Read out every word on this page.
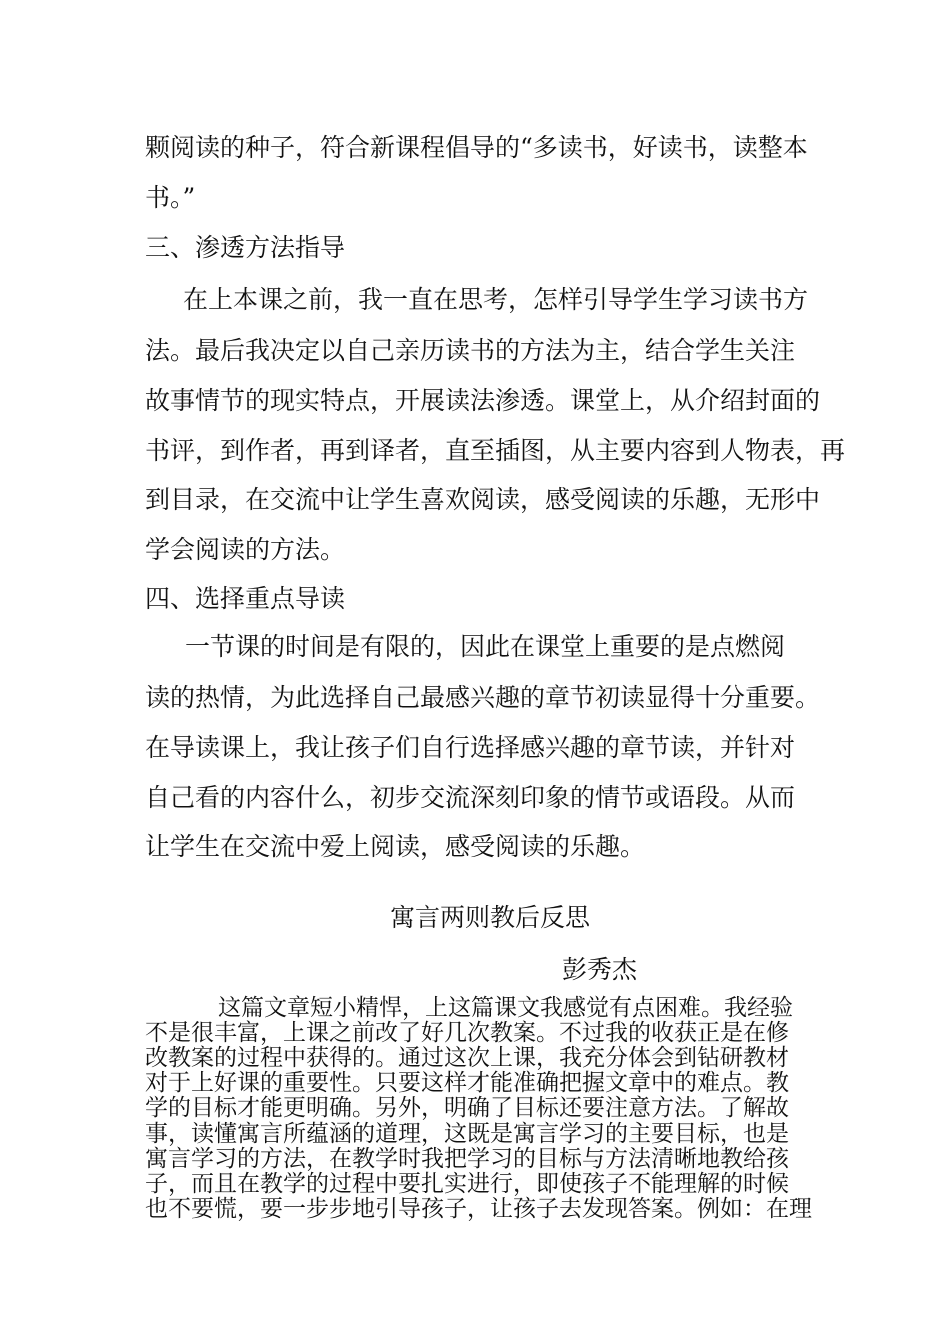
颗阅读的种子，符合新课程倡导的“多读书，好读书，读整本
书。”
三、渗透方法指导
在上本课之前，我一直在思考，怎样引导学生学习读书方
法。最后我决定以自己亲历读书的方法为主，结合学生关注
故事情节的现实特点，开展读法渗透。课堂上，从介绍封面的
书评，到作者，再到译者，直至插图，从主要内容到人物表，再
到目录，在交流中让学生喜欢阅读，感受阅读的乐趣，无形中
学会阅读的方法。
四、选择重点导读
一节课的时间是有限的，因此在课堂上重要的是点燃阅
读的热情，为此选择自己最感兴趣的章节初读显得十分重要。
在导读课上，我让孩子们自行选择感兴趣的章节读，并针对
自己看的内容什么，初步交流深刻印象的情节或语段。从而
让学生在交流中爱上阅读，感受阅读的乐趣。
寓言两则教后反思
彭秀杰
这篇文章短小精悍，上这篇课文我感觉有点困难。我经验
不是很丰富，上课之前改了好几次教案。不过我的收获正是在修
改教案的过程中获得的。通过这次上课，我充分体会到钻研教材
对于上好课的重要性。只要这样才能准确把握文章中的难点。教
学的目标才能更明确。另外，明确了目标还要注意方法。了解故
事，读懂寓言所蕴涵的道理，这既是寓言学习的主要目标，也是
寓言学习的方法，在教学时我把学习的目标与方法清晰地教给孩
子，而且在教学的过程中要扎实进行，即使孩子不能理解的时候
也不要慌，要一步步地引导孩子，让孩子去发现答案。例如：在理
